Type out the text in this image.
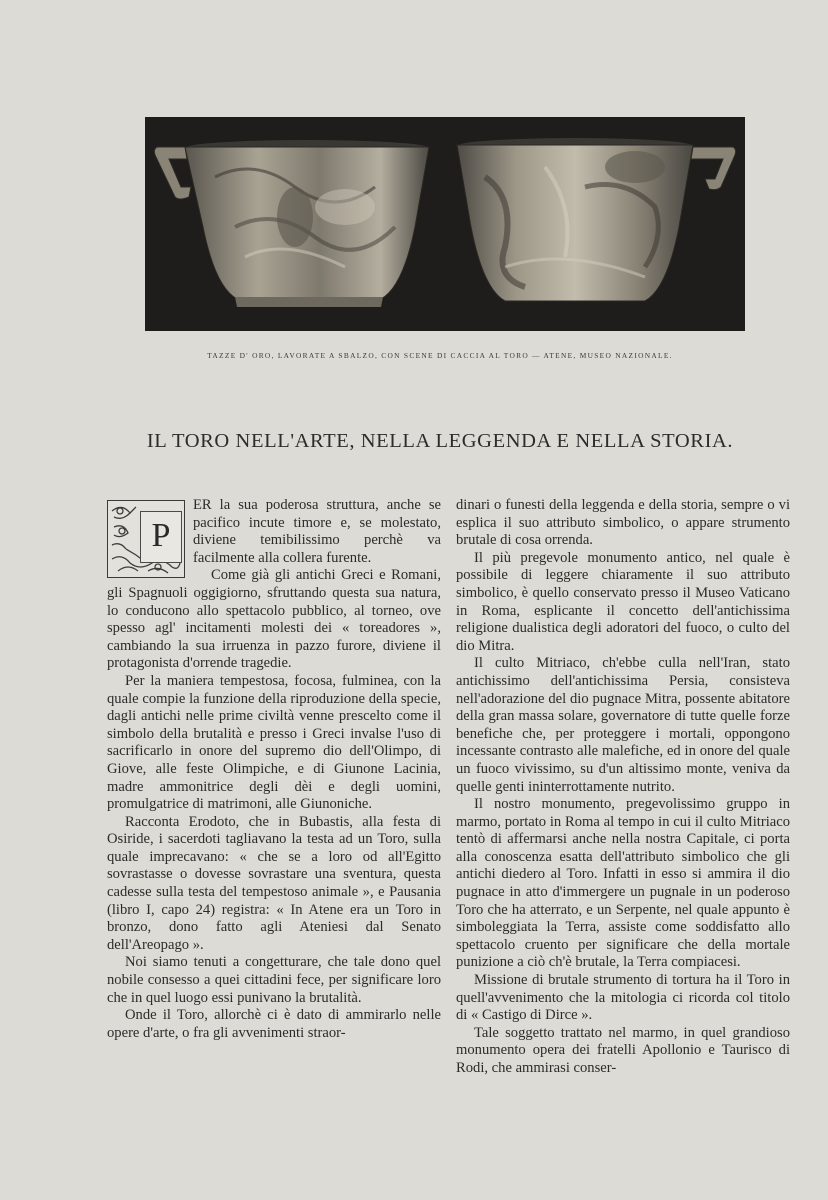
TAZZE D' ORO, LAVORATE A SBALZO, CON SCENE DI CACCIA AL TORO — ATENE, MUSEO NAZIONALE.
IL TORO NELL'ARTE, NELLA LEGGENDA E NELLA STORIA.
P

ER la sua poderosa struttura, anche se pacifico incute timore e, se molestato, diviene temibilissimo perchè va facilmente alla collera furente.

Come già gli antichi Greci e Romani, gli Spagnuoli oggigiorno, sfruttando questa sua natura, lo conducono allo spettacolo pubblico, al torneo, ove spesso agl' incitamenti molesti dei « toreadores », cambiando la sua irruenza in pazzo furore, diviene il protagonista d'orrende tragedie.

Per la maniera tempestosa, focosa, fulminea, con la quale compie la funzione della riproduzione della specie, dagli antichi nelle prime civiltà venne prescelto come il simbolo della brutalità e presso i Greci invalse l'uso di sacrificarlo in onore del supremo dio dell'Olimpo, di Giove, alle feste Olimpiche, e di Giunone Lacinia, madre ammonitrice degli dèi e degli uomini, promulgatrice di matrimoni, alle Giunoniche.

Racconta Erodoto, che in Bubastis, alla festa di Osiride, i sacerdoti tagliavano la testa ad un Toro, sulla quale imprecavano: « che se a loro od all'Egitto sovrastasse o dovesse sovrastare una sventura, questa cadesse sulla testa del tempestoso animale », e Pausania (libro I, capo 24) registra: « In Atene era un Toro in bronzo, dono fatto agli Ateniesi dal Senato dell'Areopago ».

Noi siamo tenuti a congetturare, che tale dono quel nobile consesso a quei cittadini fece, per significare loro che in quel luogo essi punivano la brutalità.

Onde il Toro, allorchè ci è dato di ammirarlo nelle opere d'arte, o fra gli avvenimenti straor-

dinari o funesti della leggenda e della storia, sempre o vi esplica il suo attributo simbolico, o appare strumento brutale di cosa orrenda.

Il più pregevole monumento antico, nel quale è possibile di leggere chiaramente il suo attributo simbolico, è quello conservato presso il Museo Vaticano in Roma, esplicante il concetto dell'antichissima religione dualistica degli adoratori del fuoco, o culto del dio Mitra.

Il culto Mitriaco, ch'ebbe culla nell'Iran, stato antichissimo dell'antichissima Persia, consisteva nell'adorazione del dio pugnace Mitra, possente abitatore della gran massa solare, governatore di tutte quelle forze benefiche che, per proteggere i mortali, oppongono incessante contrasto alle malefiche, ed in onore del quale un fuoco vivissimo, su d'un altissimo monte, veniva da quelle genti ininterrottamente nutrito.

Il nostro monumento, pregevolissimo gruppo in marmo, portato in Roma al tempo in cui il culto Mitriaco tentò di affermarsi anche nella nostra Capitale, ci porta alla conoscenza esatta dell'attributo simbolico che gli antichi diedero al Toro. Infatti in esso si ammira il dio pugnace in atto d'immergere un pugnale in un poderoso Toro che ha atterrato, e un Serpente, nel quale appunto è simboleggiata la Terra, assiste come soddisfatto allo spettacolo cruento per significare che della mortale punizione a ciò ch'è brutale, la Terra compiacesi.

Missione di brutale strumento di tortura ha il Toro in quell'avvenimento che la mitologia ci ricorda col titolo di « Castigo di Dirce ».

Tale soggetto trattato nel marmo, in quel grandioso monumento opera dei fratelli Apollonio e Taurisco di Rodi, che ammirasi conser-
